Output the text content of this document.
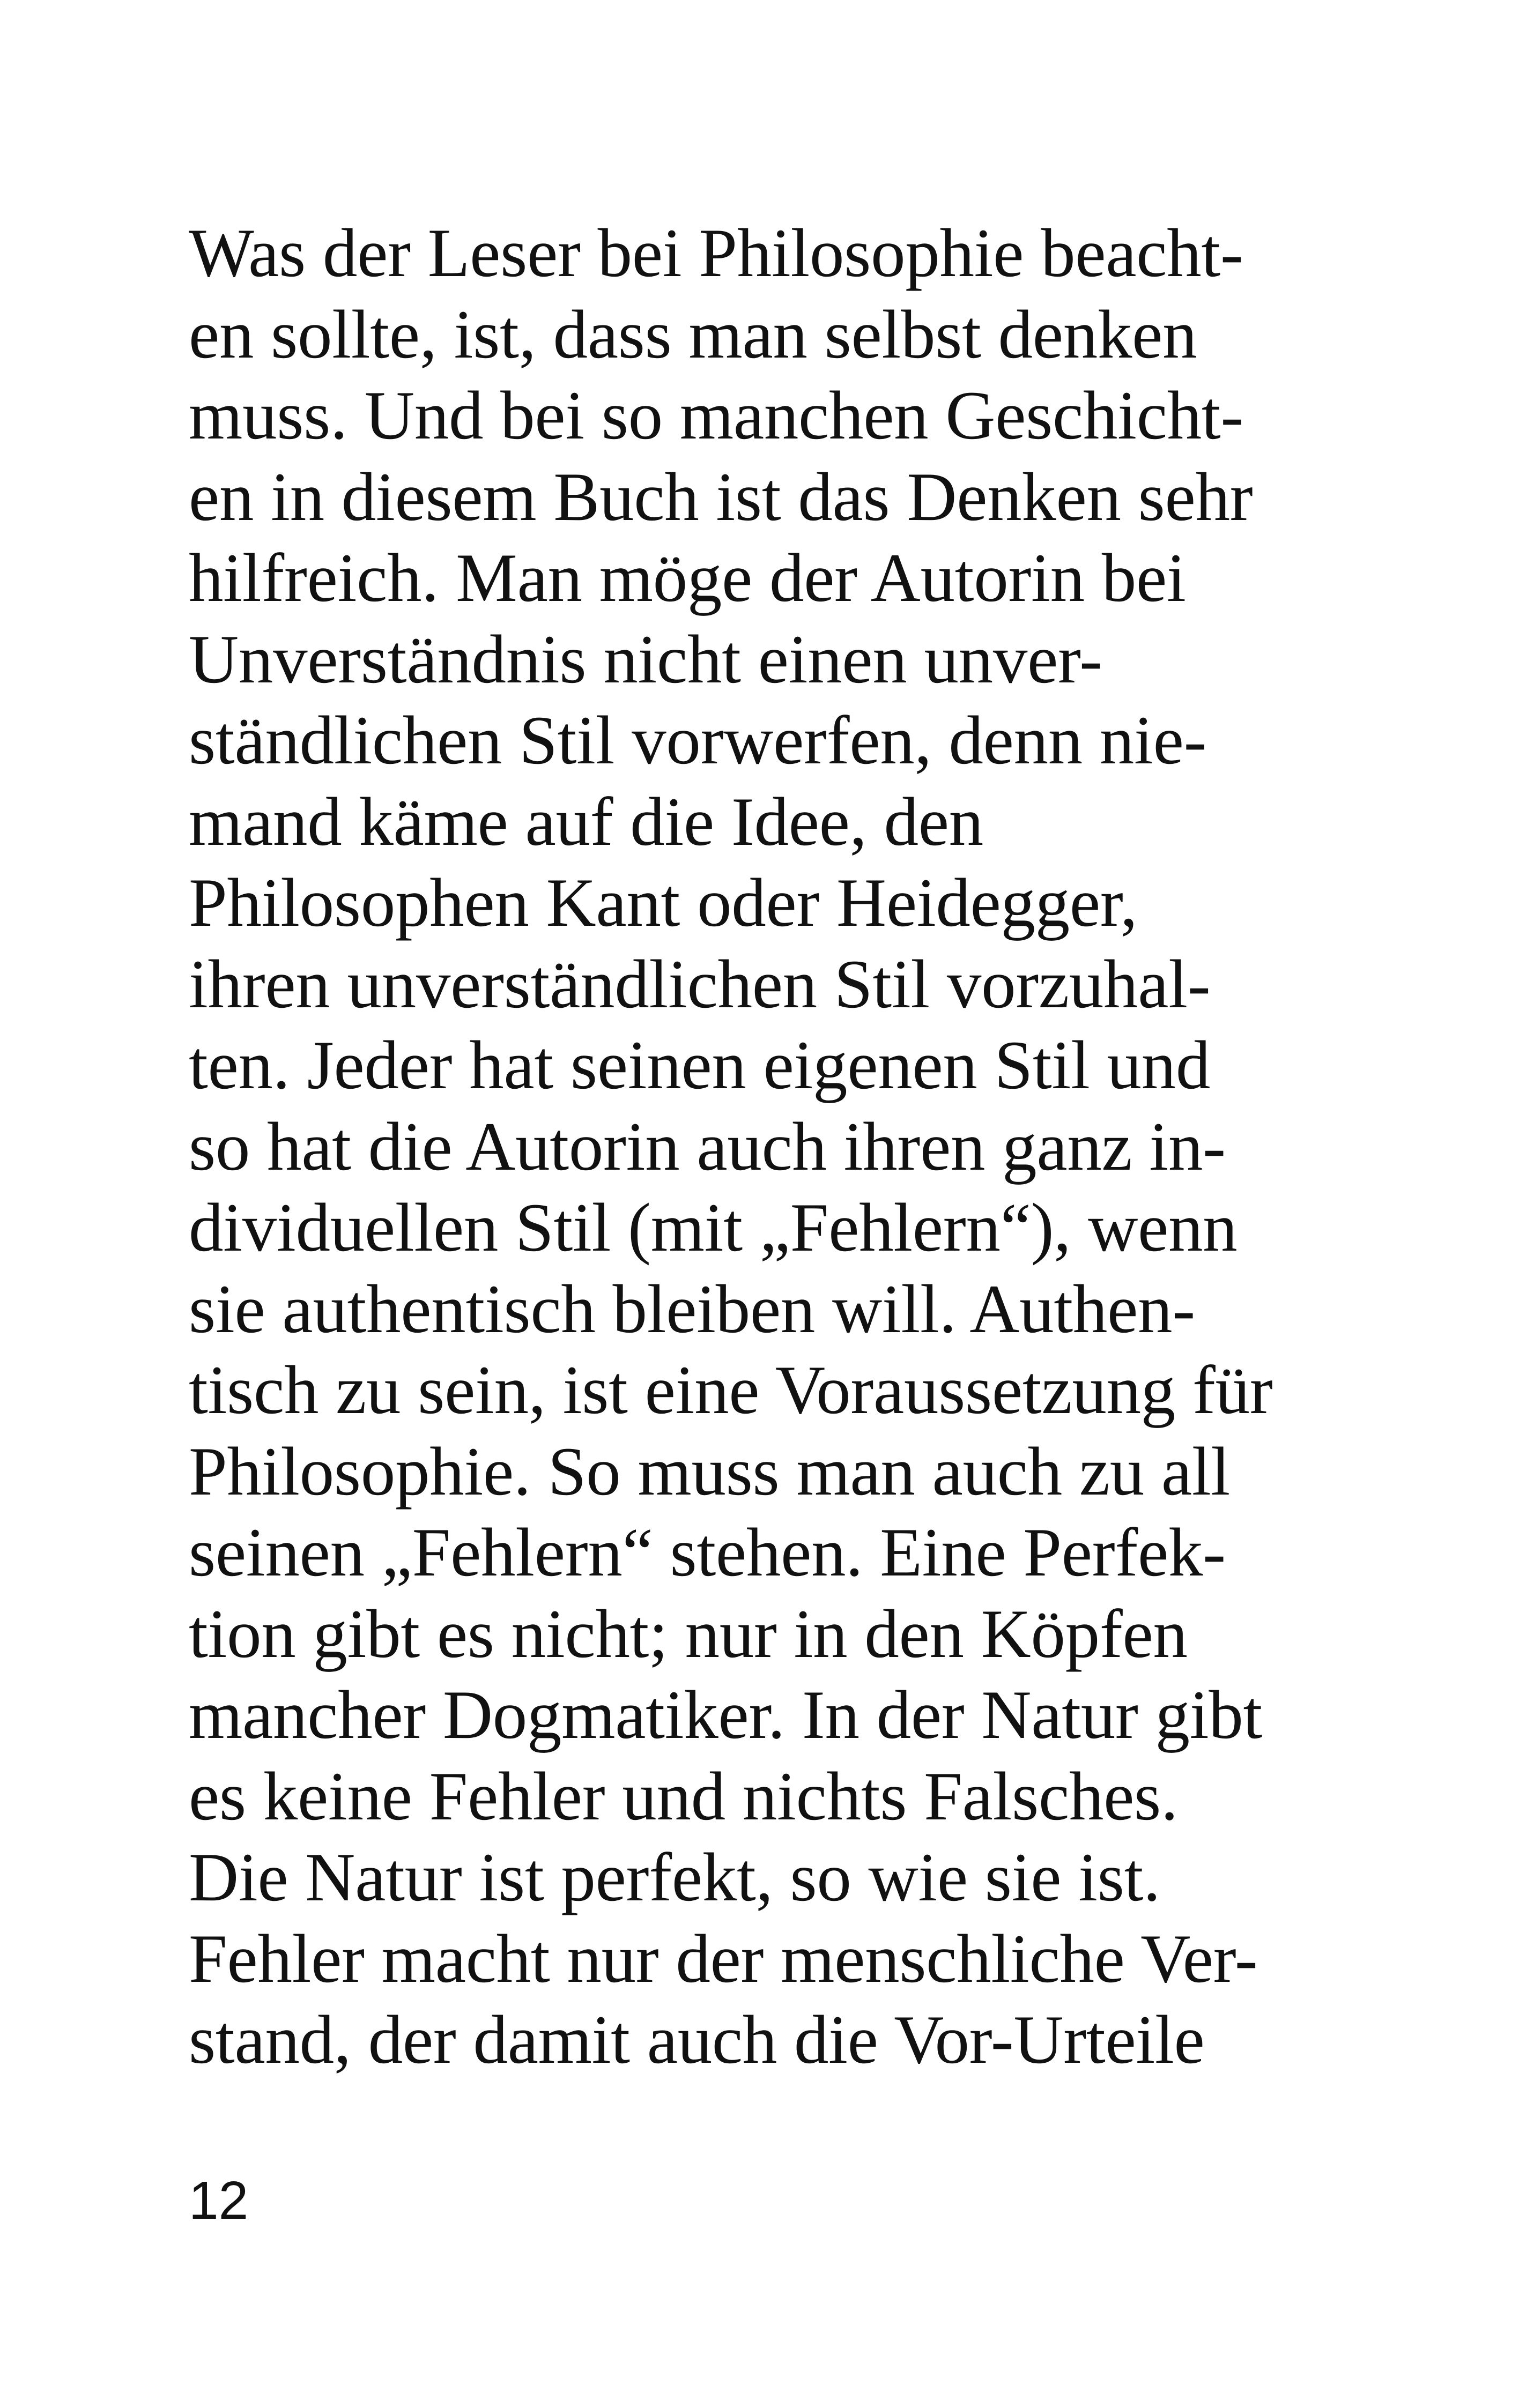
Was der Leser bei Philosophie beacht-
en sollte, ist, dass man selbst denken
muss. Und bei so manchen Geschicht-
en in diesem Buch ist das Denken sehr
hilfreich. Man möge der Autorin bei
Unverständnis nicht einen unver-
ständlichen Stil vorwerfen, denn nie-
mand käme auf die Idee, den
Philosophen Kant oder Heidegger,
ihren unverständlichen Stil vorzuhal-
ten. Jeder hat seinen eigenen Stil und
so hat die Autorin auch ihren ganz in-
dividuellen Stil (mit „Fehlern“), wenn
sie authentisch bleiben will. Authen-
tisch zu sein, ist eine Voraussetzung für
Philosophie. So muss man auch zu all
seinen „Fehlern“ stehen. Eine Perfek-
tion gibt es nicht; nur in den Köpfen
mancher Dogmatiker. In der Natur gibt
es keine Fehler und nichts Falsches.
Die Natur ist perfekt, so wie sie ist.
Fehler macht nur der menschliche Ver-
stand, der damit auch die Vor-Urteile
12
